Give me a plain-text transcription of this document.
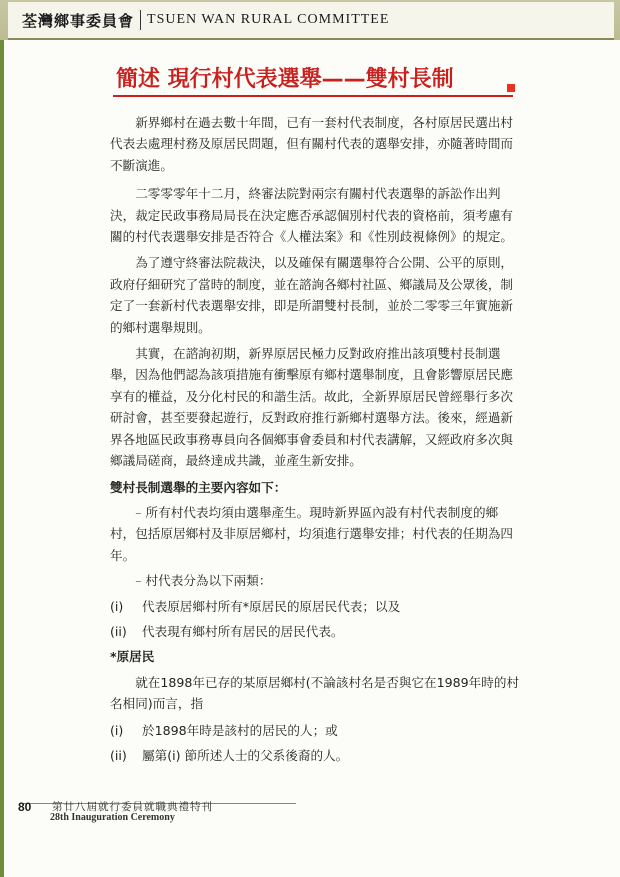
荃灣鄉事委員會 TSUEN WAN RURAL COMMITTEE
簡述 現行村代表選舉——雙村長制

新界鄉村在過去數十年間，已有一套村代表制度，各村原居民選出村代表去處理村務及原居民問題，但有關村代表的選舉安排，亦隨著時間而不斷演進。

二零零零年十二月，終審法院對兩宗有關村代表選舉的訴訟作出判決，裁定民政事務局局長在決定應否承認個別村代表的資格前，須考慮有關的村代表選舉安排是否符合《人權法案》和《性別歧視條例》的規定。

為了遵守終審法院裁決，以及確保有關選舉符合公開、公平的原則，政府仔細研究了當時的制度，並在諮詢各鄉村社區、鄉議局及公眾後，制定了一套新村代表選舉安排，即是所謂雙村長制，並於二零零三年實施新的鄉村選舉規則。

其實，在諮詢初期，新界原居民極力反對政府推出該項雙村長制選舉，因為他們認為該項措施有衝擊原有鄉村選舉制度，且會影響原居民應享有的權益，及分化村民的和諧生活。故此，全新界原居民曾經舉行多次研討會，甚至要發起遊行，反對政府推行新鄉村選舉方法。後來，經過新界各地區民政事務專員向各個鄉事會委員和村代表講解，又經政府多次與鄉議局磋商，最終達成共識，並產生新安排。

雙村長制選舉的主要內容如下：

– 所有村代表均須由選舉產生。現時新界區內設有村代表制度的鄉村，包括原居鄉村及非原居鄉村，均須進行選舉安排；村代表的任期為四年。

– 村代表分為以下兩類：

(i)	代表原居鄉村所有*原居民的原居民代表；以及
(ii)	代表現有鄉村所有居民的居民代表。

*原居民

就在1898年已存的某原居鄉村(不論該村名是否與它在1989年時的村名相同)而言，指

(i)	於1898年時是該村的居民的人；或
(ii)	屬第(i) 節所述人士的父系後裔的人。
80 第廿八屆就行委員就職典禮特刊
28th Inauguration Ceremony
